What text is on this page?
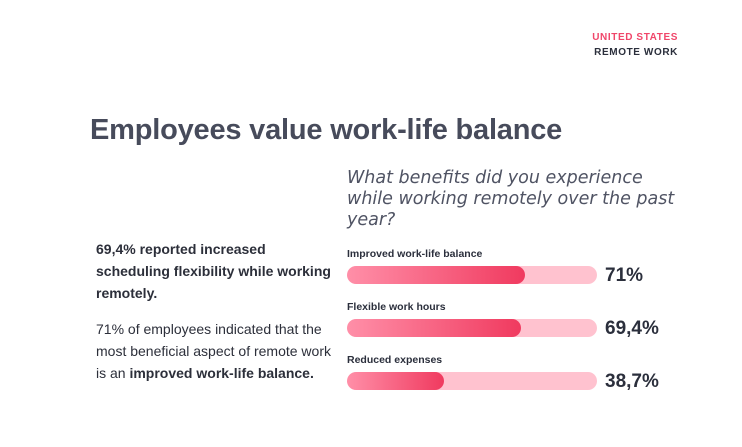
UNITED STATES
REMOTE WORK
Employees value work-life balance

69,4% reported increased scheduling flexibility while working remotely.

71% of employees indicated that the most beneficial aspect of remote work is an improved work-life balance.

What benefits did you experience while working remotely over the past year?
Improved work-life balance
71%
Flexible work hours
69,4%
Reduced expenses
38,7%
